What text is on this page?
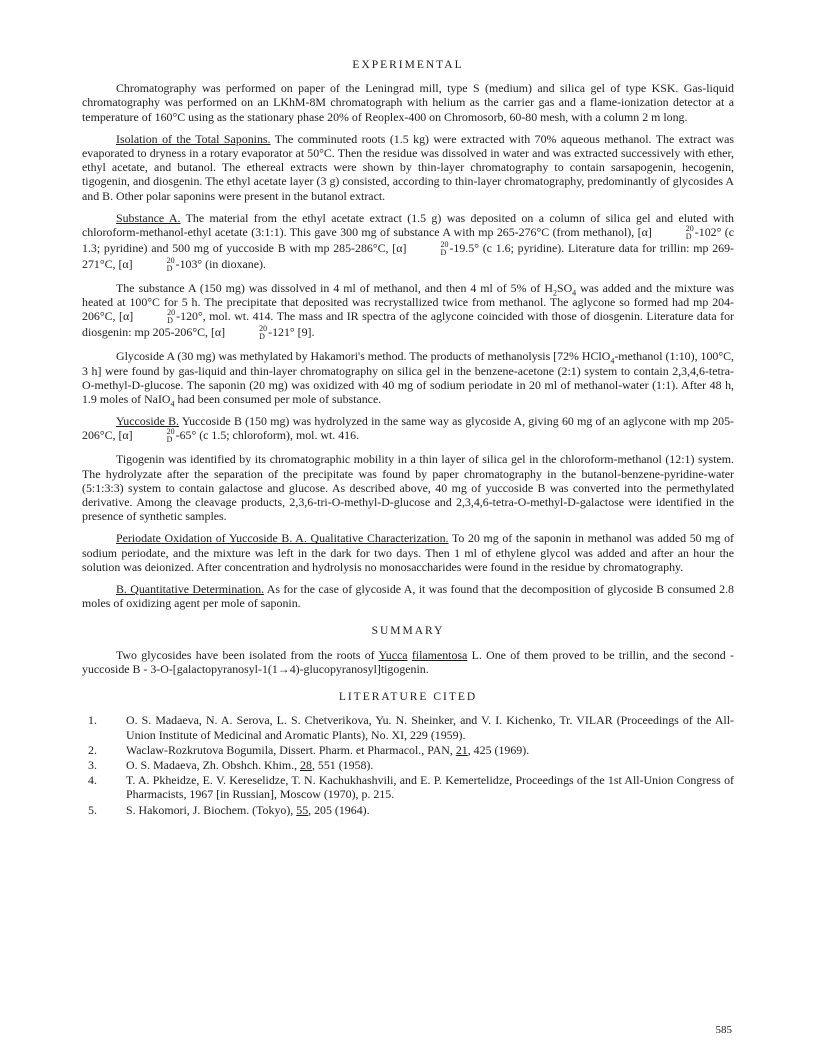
EXPERIMENTAL

Chromatography was performed on paper of the Leningrad mill, type S (medium) and silica gel of type KSK. Gas-liquid chromatography was performed on an LKhM-8M chromatograph with helium as the carrier gas and a flame-ionization detector at a temperature of 160°C using as the stationary phase 20% of Reoplex-400 on Chromosorb, 60-80 mesh, with a column 2 m long.

Isolation of the Total Saponins. The comminuted roots (1.5 kg) were extracted with 70% aqueous methanol. The extract was evaporated to dryness in a rotary evaporator at 50°C. Then the residue was dissolved in water and was extracted successively with ether, ethyl acetate, and butanol. The ethereal extracts were shown by thin-layer chromatography to contain sarsapogenin, hecogenin, tigogenin, and diosgenin. The ethyl acetate layer (3 g) consisted, according to thin-layer chromatography, predominantly of glycosides A and B. Other polar saponins were present in the butanol extract.

Substance A. The material from the ethyl acetate extract (1.5 g) was deposited on a column of silica gel and eluted with chloroform-methanol-ethyl acetate (3:1:1). This gave 300 mg of substance A with mp 265-276°C (from methanol), [α]	20
D -102° (c 1.3; pyridine) and 500 mg of yuccoside B with mp 285-286°C, [α]	20
D -19.5° (c 1.6; pyridine). Literature data for trillin: mp 269-271°C, [α]	20
D -103° (in dioxane).

The substance A (150 mg) was dissolved in 4 ml of methanol, and then 4 ml of 5% of $H_2SO_4$ was added and the mixture was heated at 100°C for 5 h. The precipitate that deposited was recrystallized twice from methanol. The aglycone so formed had mp 204-206°C, [α]	20
D -120°, mol. wt. 414. The mass and IR spectra of the aglycone coincided with those of diosgenin. Literature data for diosgenin: mp 205-206°C, [α]	20
D -121° [9].

Glycoside A (30 mg) was methylated by Hakamori's method. The products of methanolysis [72% HClO$_4$-methanol (1:10), 100°C, 3 h] were found by gas-liquid and thin-layer chromatography on silica gel in the benzene-acetone (2:1) system to contain 2,3,4,6-tetra-O-methyl-D-glucose. The saponin (20 mg) was oxidized with 40 mg of sodium periodate in 20 ml of methanol-water (1:1). After 48 h, 1.9 moles of NaIO$_4$ had been consumed per mole of substance.

Yuccoside B. Yuccoside B (150 mg) was hydrolyzed in the same way as glycoside A, giving 60 mg of an aglycone with mp 205-206°C, [α]	20
D -65° (c 1.5; chloroform), mol. wt. 416.

Tigogenin was identified by its chromatographic mobility in a thin layer of silica gel in the chloroform-methanol (12:1) system. The hydrolyzate after the separation of the precipitate was found by paper chromatography in the butanol-benzene-pyridine-water (5:1:3:3) system to contain galactose and glucose. As described above, 40 mg of yuccoside B was converted into the permethylated derivative. Among the cleavage products, 2,3,6-tri-O-methyl-D-glucose and 2,3,4,6-tetra-O-methyl-D-galactose were identified in the presence of synthetic samples.

Periodate Oxidation of Yuccoside B. A. Qualitative Characterization. To 20 mg of the saponin in methanol was added 50 mg of sodium periodate, and the mixture was left in the dark for two days. Then 1 ml of ethylene glycol was added and after an hour the solution was deionized. After concentration and hydrolysis no monosaccharides were found in the residue by chromatography.

B. Quantitative Determination. As for the case of glycoside A, it was found that the decomposition of glycoside B consumed 2.8 moles of oxidizing agent per mole of saponin.

SUMMARY

Two glycosides have been isolated from the roots of Yucca filamentosa L. One of them proved to be trillin, and the second - yuccoside B - 3-O-[galactopyranosyl-1(1→4)-glucopyranosyl]tigogenin.

LITERATURE CITED
1. O. S. Madaeva, N. A. Serova, L. S. Chetverikova, Yu. N. Sheinker, and V. I. Kichenko, Tr. VILAR (Proceedings of the All-Union Institute of Medicinal and Aromatic Plants), No. XI, 229 (1959).
2. Waclaw-Rozkrutova Bogumila, Dissert. Pharm. et Pharmacol., PAN, 21, 425 (1969).
3. O. S. Madaeva, Zh. Obshch. Khim., 28, 551 (1958).
4. T. A. Pkheidze, E. V. Kereselidze, T. N. Kachukhashvili, and E. P. Kemertelidze, Proceedings of the 1st All-Union Congress of Pharmacists, 1967 [in Russian], Moscow (1970), p. 215.
5. S. Hakomori, J. Biochem. (Tokyo), 55, 205 (1964).
585
